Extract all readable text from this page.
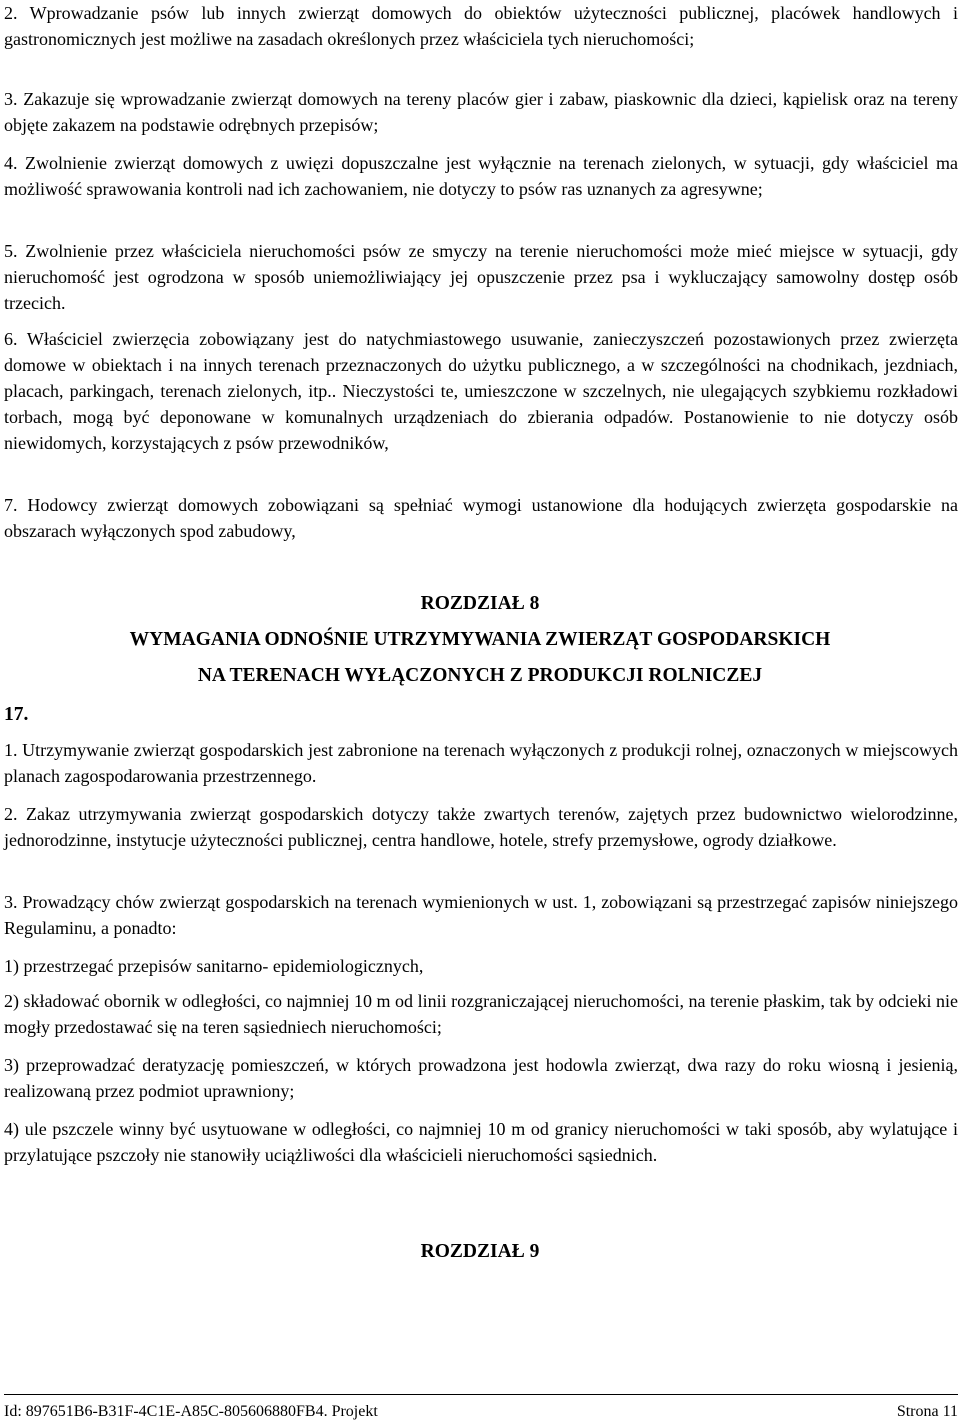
2. Wprowadzanie psów lub innych zwierząt domowych do obiektów użyteczności publicznej, placówek handlowych i gastronomicznych jest możliwe na zasadach określonych przez właściciela tych nieruchomości;

3. Zakazuje się wprowadzanie zwierząt domowych na tereny placów gier i zabaw, piaskownic dla dzieci, kąpielisk oraz na tereny objęte zakazem na podstawie odrębnych przepisów;

4. Zwolnienie zwierząt domowych z uwięzi dopuszczalne jest wyłącznie na terenach zielonych, w sytuacji, gdy właściciel ma możliwość sprawowania kontroli nad ich zachowaniem, nie dotyczy to psów ras uznanych za agresywne;

5. Zwolnienie przez właściciela nieruchomości psów ze smyczy na terenie nieruchomości może mieć miejsce w sytuacji, gdy nieruchomość jest ogrodzona w sposób uniemożliwiający jej opuszczenie przez psa i wykluczający samowolny dostęp osób trzecich.

6. Właściciel zwierzęcia zobowiązany jest do natychmiastowego usuwanie, zanieczyszczeń pozostawionych przez zwierzęta domowe w obiektach i na innych terenach przeznaczonych do użytku publicznego, a w szczególności na chodnikach, jezdniach, placach, parkingach, terenach zielonych, itp.. Nieczystości te, umieszczone w szczelnych, nie ulegających szybkiemu rozkładowi torbach, mogą być deponowane w komunalnych urządzeniach do zbierania odpadów. Postanowienie to nie dotyczy osób niewidomych, korzystających z psów przewodników,

7. Hodowcy zwierząt domowych zobowiązani są spełniać wymogi ustanowione dla hodujących zwierzęta gospodarskie na obszarach wyłączonych spod zabudowy,

ROZDZIAŁ 8

WYMAGANIA ODNOŚNIE UTRZYMYWANIA ZWIERZĄT GOSPODARSKICH

NA TERENACH WYŁĄCZONYCH Z PRODUKCJI ROLNICZEJ

17.

1. Utrzymywanie zwierząt gospodarskich jest zabronione na terenach wyłączonych z produkcji rolnej, oznaczonych w miejscowych planach zagospodarowania przestrzennego.

2. Zakaz utrzymywania zwierząt gospodarskich dotyczy także zwartych terenów, zajętych przez budownictwo wielorodzinne, jednorodzinne, instytucje użyteczności publicznej, centra handlowe, hotele, strefy przemysłowe, ogrody działkowe.

3. Prowadzący chów zwierząt gospodarskich na terenach wymienionych w ust. 1, zobowiązani są przestrzegać zapisów niniejszego Regulaminu, a ponadto:

1) przestrzegać przepisów sanitarno- epidemiologicznych,

2) składować obornik w odległości, co najmniej 10 m od linii rozgraniczającej nieruchomości, na terenie płaskim, tak by odcieki nie mogły przedostawać się na teren sąsiedniech nieruchomości;

3) przeprowadzać deratyzację pomieszczeń, w których prowadzona jest hodowla zwierząt, dwa razy do roku wiosną i jesienią, realizowaną przez podmiot uprawniony;

4) ule pszczele winny być usytuowane w odległości, co najmniej 10 m od granicy nieruchomości w taki sposób, aby wylatujące i przylatujące pszczoły nie stanowiły uciążliwości dla właścicieli nieruchomości sąsiednich.

ROZDZIAŁ 9

Id: 897651B6-B31F-4C1E-A85C-805606880FB4. Projekt	Strona 11
